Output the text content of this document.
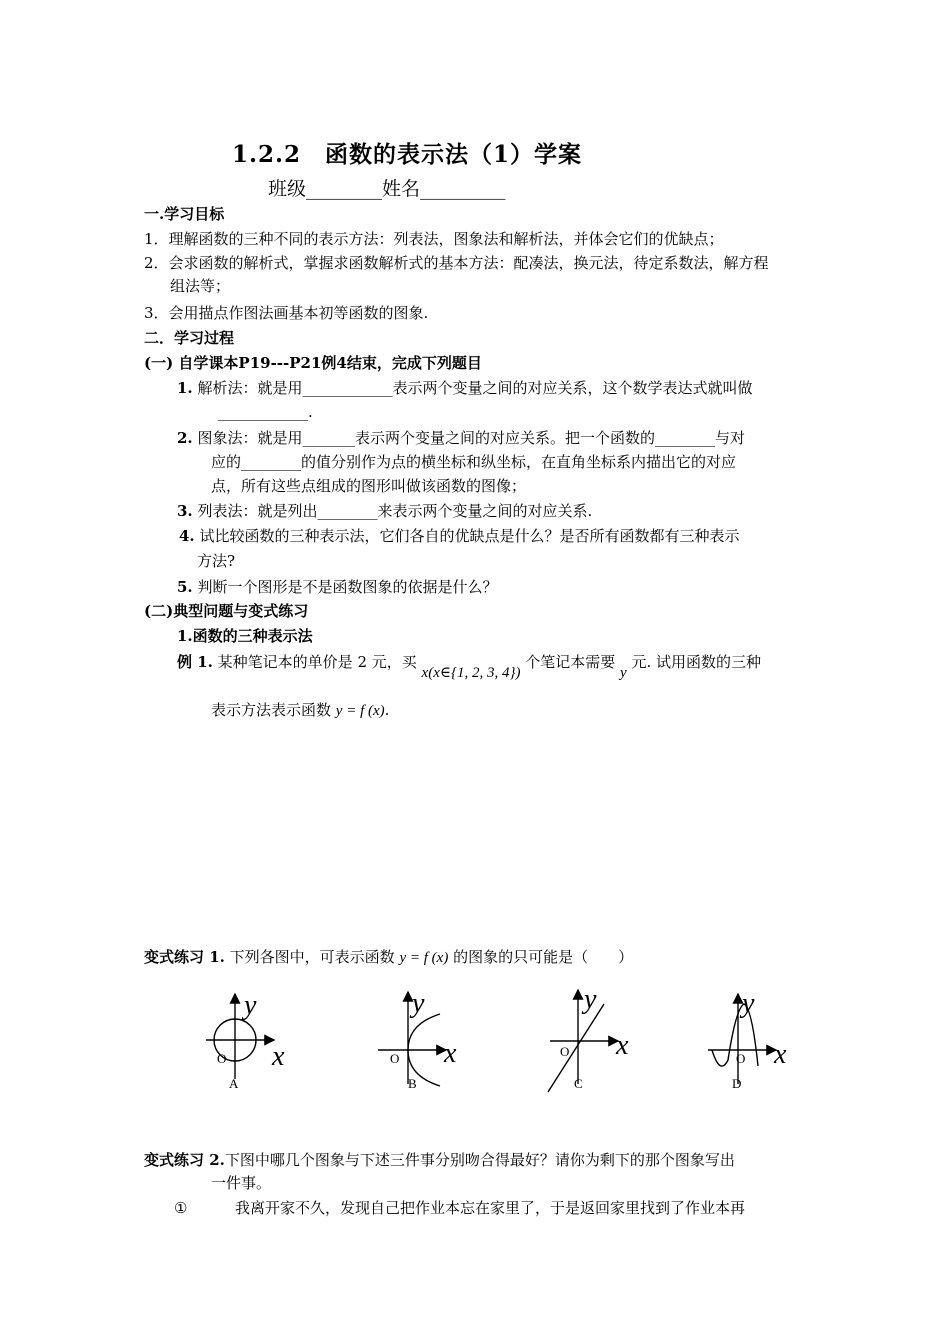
1.2.2　函数的表示法（1）学案
班级________姓名_________
一.学习目标
1．理解函数的三种不同的表示方法：列表法，图象法和解析法，并体会它们的优缺点；
2．会求函数的解析式，掌握求函数解析式的基本方法：配凑法，换元法，待定系数法，解方程
组法等；
3．会用描点作图法画基本初等函数的图象.
二．学习过程
(一) 自学课本P19---P21例4结束，完成下列题目
1. 解析法：就是用____________表示两个变量之间的对应关系，这个数学表达式就叫做
____________.
2. 图象法：就是用_______表示两个变量之间的对应关系。把一个函数的________与对
应的________的值分别作为点的横坐标和纵坐标，在直角坐标系内描出它的对应
点，所有这些点组成的图形叫做该函数的图像；
3. 列表法：就是列出________来表示两个变量之间的对应关系.
4. 试比较函数的三种表示法，它们各自的优缺点是什么？是否所有函数都有三种表示
方法?
5. 判断一个图形是不是函数图象的依据是什么？
(二)典型问题与变式练习
1.函数的三种表示法
例 1. 某种笔记本的单价是 2 元，买 x(x∈{1, 2, 3, 4}) 个笔记本需要 y 元. 试用函数的三种
表示方法表示函数 y = f (x).
变式练习 1. 下列各图中，可表示函数 y = f (x) 的图象的只可能是（　　）
y
x
O
A
y
x
O
B
y
x
O
C
y
x
O
D
变式练习 2.下图中哪几个图象与下述三件事分别吻合得最好？请你为剩下的那个图象写出
一件事。
①	我离开家不久，发现自己把作业本忘在家里了，于是返回家里找到了作业本再
